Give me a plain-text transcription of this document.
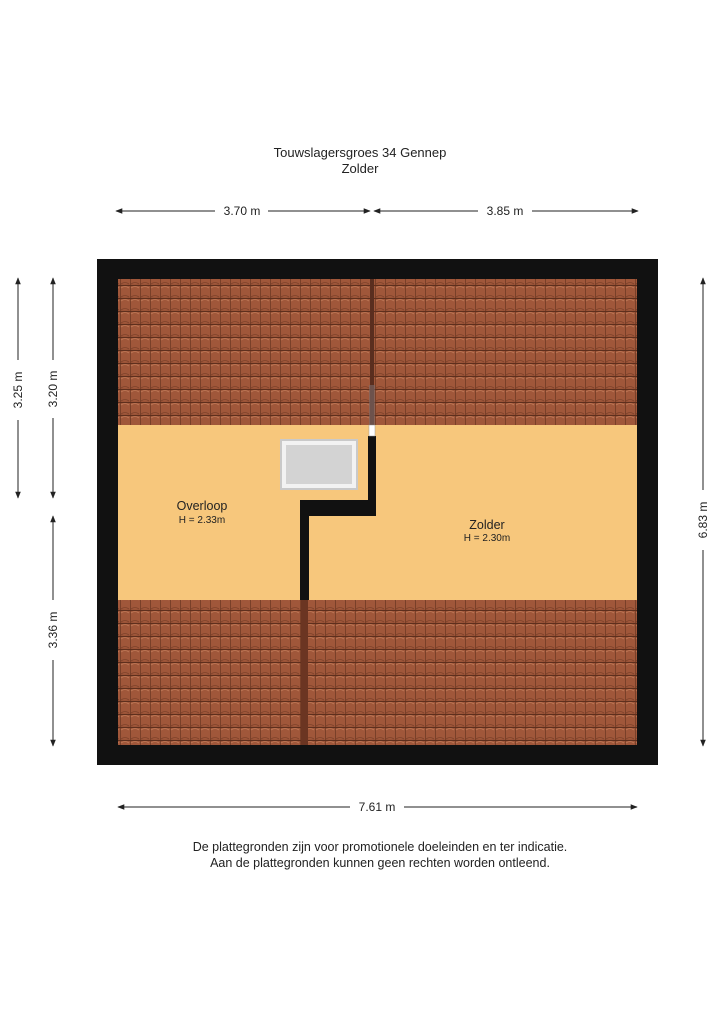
Touwslagersgroes 34 Gennep
Zolder
Overloop
H = 2.33m	Zolder
H = 2.30m
3.70 m	3.85 m
7.61 m
3.25 m 3.20 m
3.36 m
6.83 m
De plattegronden zijn voor promotionele doeleinden en ter indicatie.
Aan de plattegronden kunnen geen rechten worden ontleend.
